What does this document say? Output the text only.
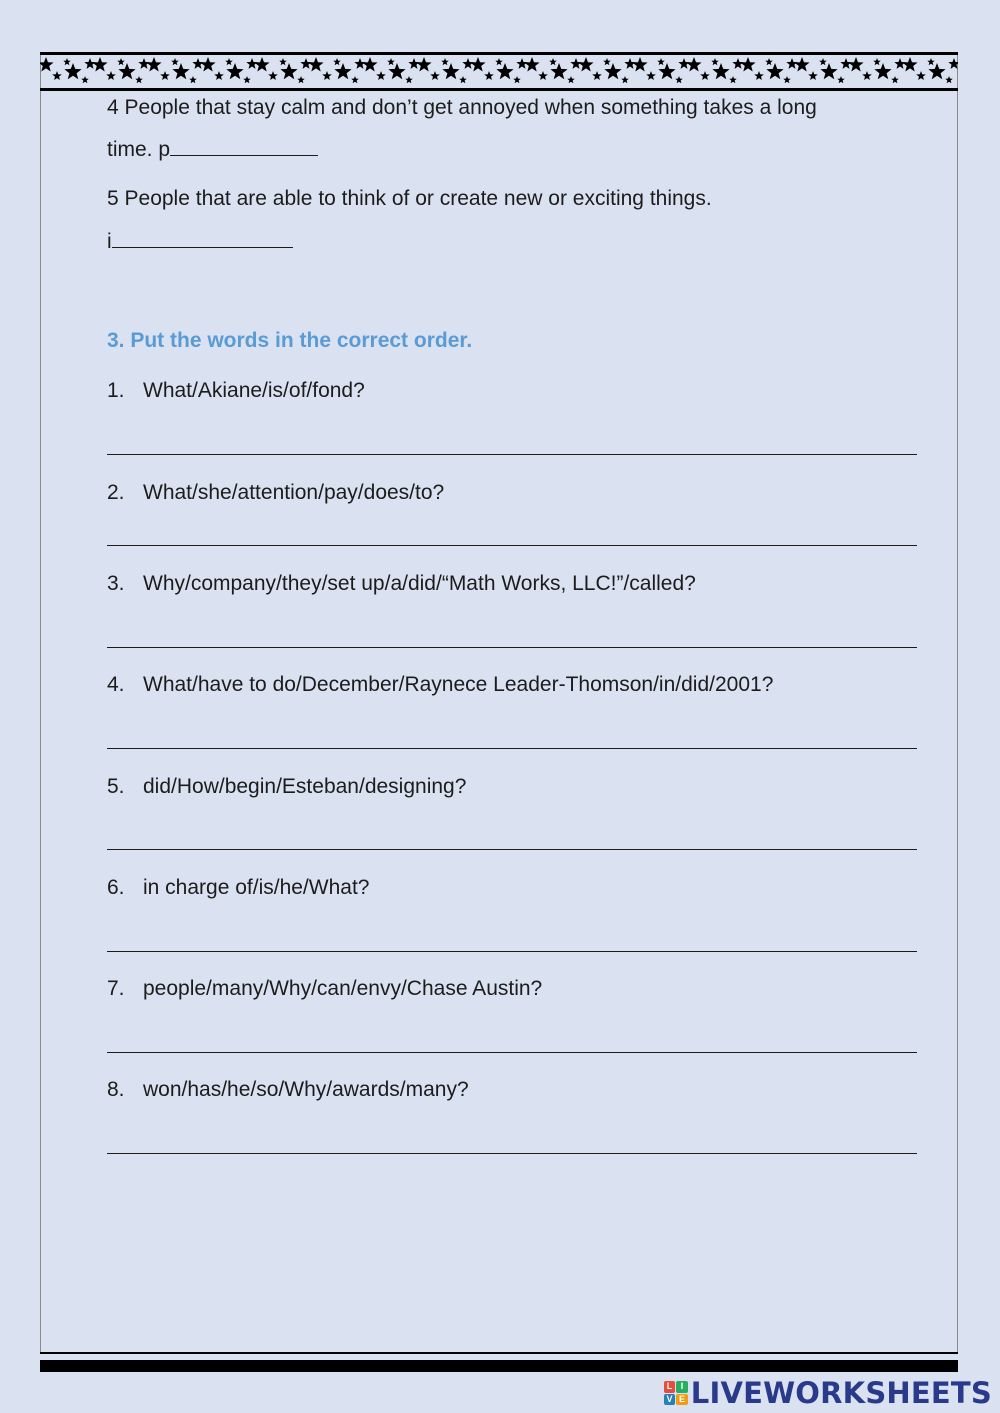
4 People that stay calm and don’t get annoyed when something takes a long
time. p
5 People that are able to think of or create new or exciting things.
i
3. Put the words in the correct order.
1. What/Akiane/is/of/fond?
2. What/she/attention/pay/does/to?
3. Why/company/they/set up/a/did/“Math Works, LLC!”/called?
4. What/have to do/December/Raynece Leader-Thomson/in/did/2001?
5. did/How/begin/Esteban/designing?
6. in charge of/is/he/What?
7. people/many/Why/can/envy/Chase Austin?
8. won/has/he/so/Why/awards/many?
L I
V E LIVEWORKSHEETS
